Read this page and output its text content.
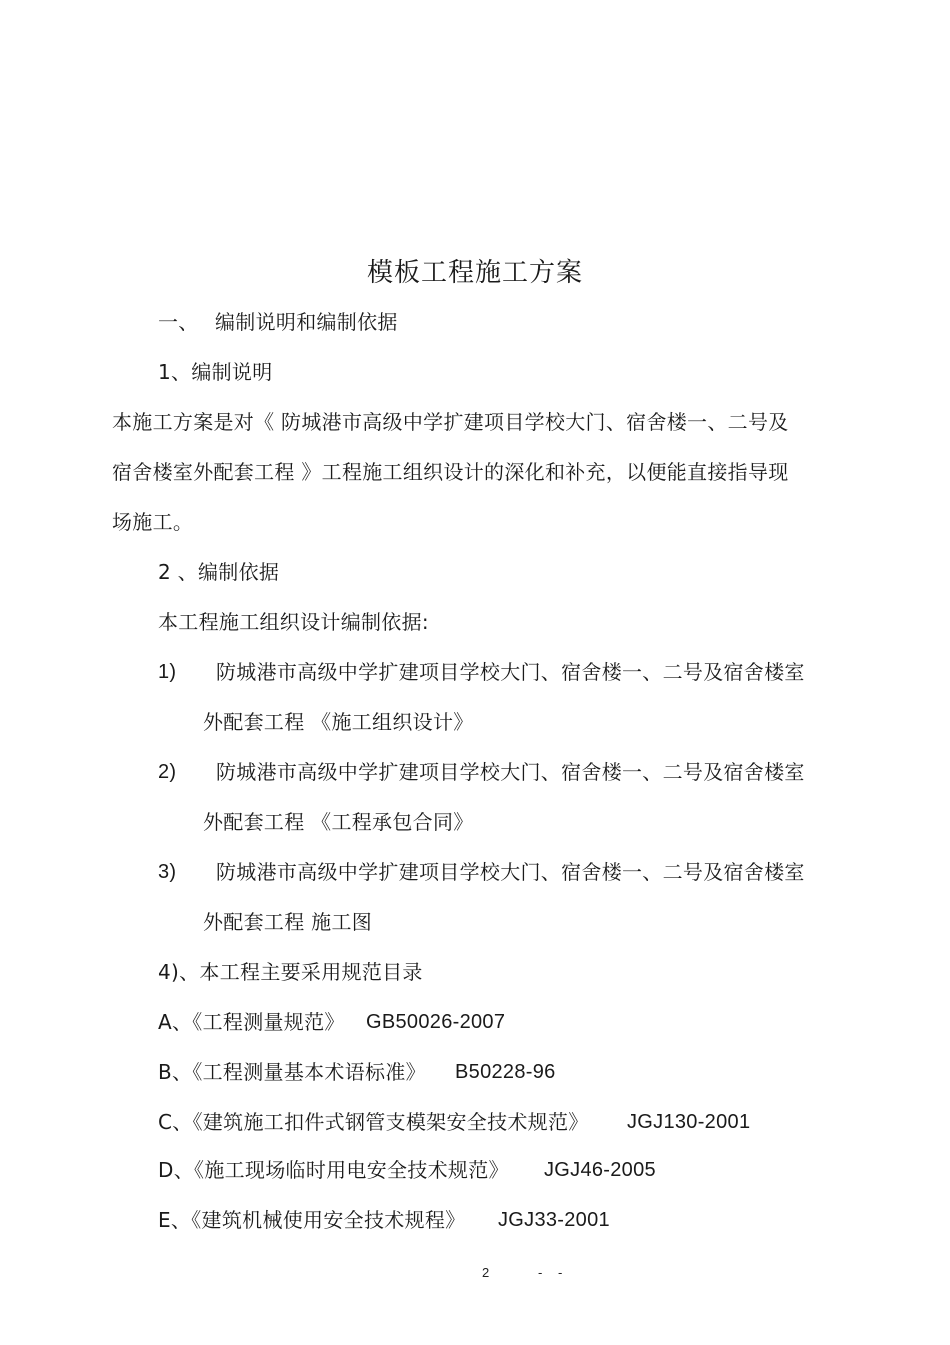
模板工程施工方案
一、 编制说明和编制依据
1、编制说明
本施工方案是对《 防城港市高级中学扩建项目学校大门、宿舍楼一、二号及
宿舍楼室外配套工程 》工程施工组织设计的深化和补充，以便能直接指导现
场施工。
2 、编制依据
本工程施工组织设计编制依据:
1) 防城港市高级中学扩建项目学校大门、宿舍楼一、二号及宿舍楼室
外配套工程 《施工组织设计》
2) 防城港市高级中学扩建项目学校大门、宿舍楼一、二号及宿舍楼室
外配套工程 《工程承包合同》
3) 防城港市高级中学扩建项目学校大门、宿舍楼一、二号及宿舍楼室
外配套工程 施工图
4)、本工程主要采用规范目录
A、《工程测量规范》 GB50026-2007
B、《工程测量基本术语标准》 B50228-96
C、《建筑施工扣件式钢管支模架安全技术规范》 JGJ130-2001
D、《施工现场临时用电安全技术规范》 JGJ46-2005
E、《建筑机械使用安全技术规程》 JGJ33-2001
2	- -
